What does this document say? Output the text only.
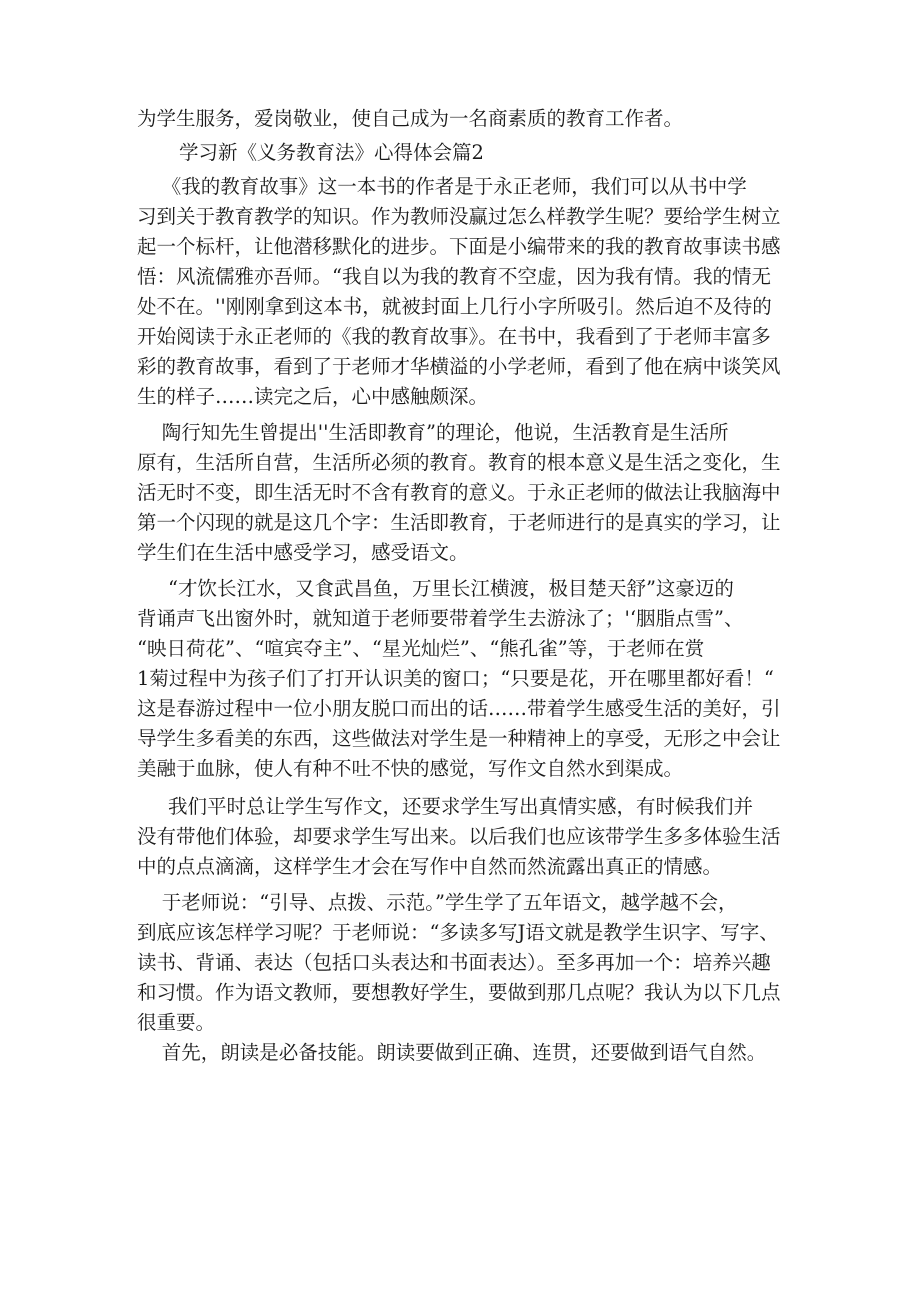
为学生服务，爱岗敬业，使自己成为一名商素质的教育工作者。

学习新《义务教育法》心得体会篇2

《我的教育故事》这一本书的作者是于永正老师，我们可以从书中学

习到关于教育教学的知识。作为教师没赢过怎么样教学生呢？要给学生树立

起一个标杆，让他潜移默化的进步。下面是小编带来的我的教育故事读书感

悟：风流儒雅亦吾师。“我自以为我的教育不空虚，因为我有情。我的情无

处不在。''刚刚拿到这本书，就被封面上几行小字所吸引。然后迫不及待的

开始阅读于永正老师的《我的教育故事》。在书中，我看到了于老师丰富多

彩的教育故事，看到了于老师才华横溢的小学老师，看到了他在病中谈笑风

生的样子……读完之后，心中感触颇深。

陶行知先生曾提出''生活即教育”的理论，他说，生活教育是生活所

原有，生活所自营，生活所必须的教育。教育的根本意义是生活之变化，生

活无时不变，即生活无时不含有教育的意义。于永正老师的做法让我脑海中

第一个闪现的就是这几个字：生活即教育，于老师进行的是真实的学习，让

学生们在生活中感受学习，感受语文。

“才饮长江水，又食武昌鱼，万里长江横渡，极目楚天舒”这豪迈的

背诵声飞出窗外时，就知道于老师要带着学生去游泳了；'‘胭脂点雪”、

“映日荷花”、“喧宾夺主”、“星光灿烂”、“熊孔雀”等，于老师在赏

1菊过程中为孩子们了打开认识美的窗口；“只要是花，开在哪里都好看！“

这是春游过程中一位小朋友脱口而出的话……带着学生感受生活的美好，引

导学生多看美的东西，这些做法对学生是一种精神上的享受，无形之中会让

美融于血脉，使人有种不吐不快的感觉，写作文自然水到渠成。

我们平时总让学生写作文，还要求学生写出真情实感，有时候我们并

没有带他们体验，却要求学生写出来。以后我们也应该带学生多多体验生活

中的点点滴滴，这样学生才会在写作中自然而然流露出真正的情感。

于老师说：“引导、点拨、示范。”学生学了五年语文，越学越不会，

到底应该怎样学习呢？于老师说：“多读多写J语文就是教学生识字、写字、

读书、背诵、表达（包括口头表达和书面表达）。至多再加一个：培养兴趣

和习惯。作为语文教师，要想教好学生，要做到那几点呢？我认为以下几点

很重要。

首先，朗读是必备技能。朗读要做到正确、连贯，还要做到语气自然。
